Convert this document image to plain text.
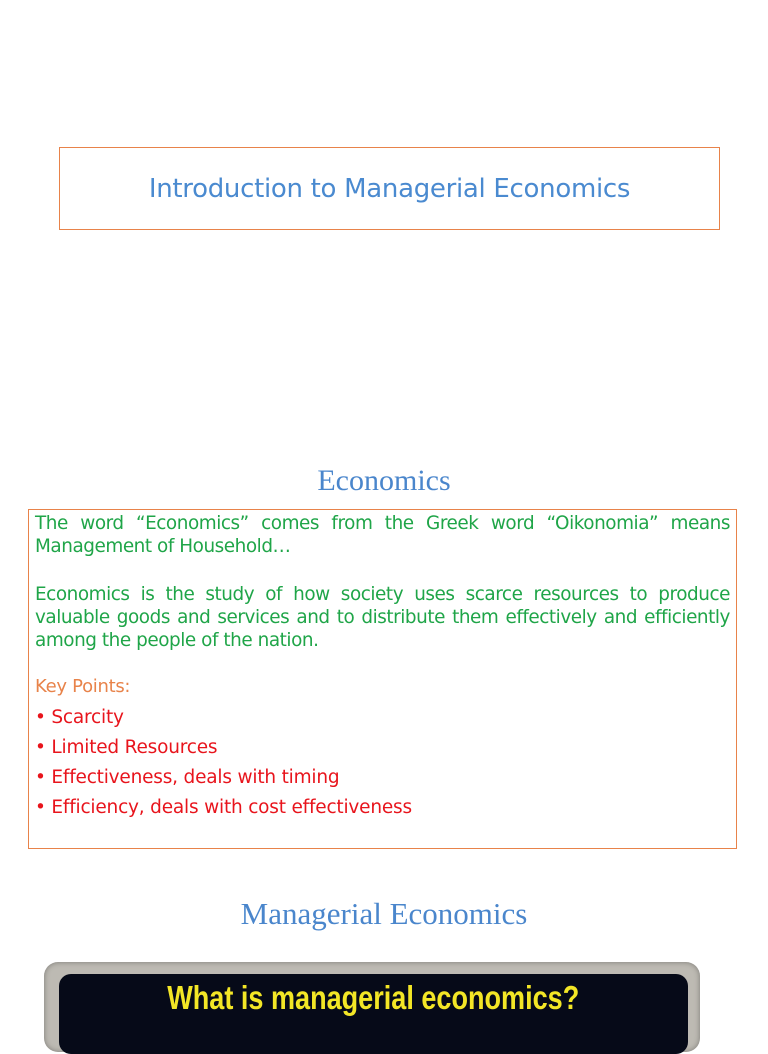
Introduction to Managerial Economics
Economics

The word “Economics” comes from the Greek word “Oikonomia” means Management of Household…

Economics is the study of how society uses scarce resources to produce valuable goods and services and to distribute them effectively and efficiently among the people of the nation.

Key Points:

• Scarcity
• Limited Resources
• Effectiveness, deals with timing
• Efficiency, deals with cost effectiveness
Managerial Economics
What is managerial economics?
